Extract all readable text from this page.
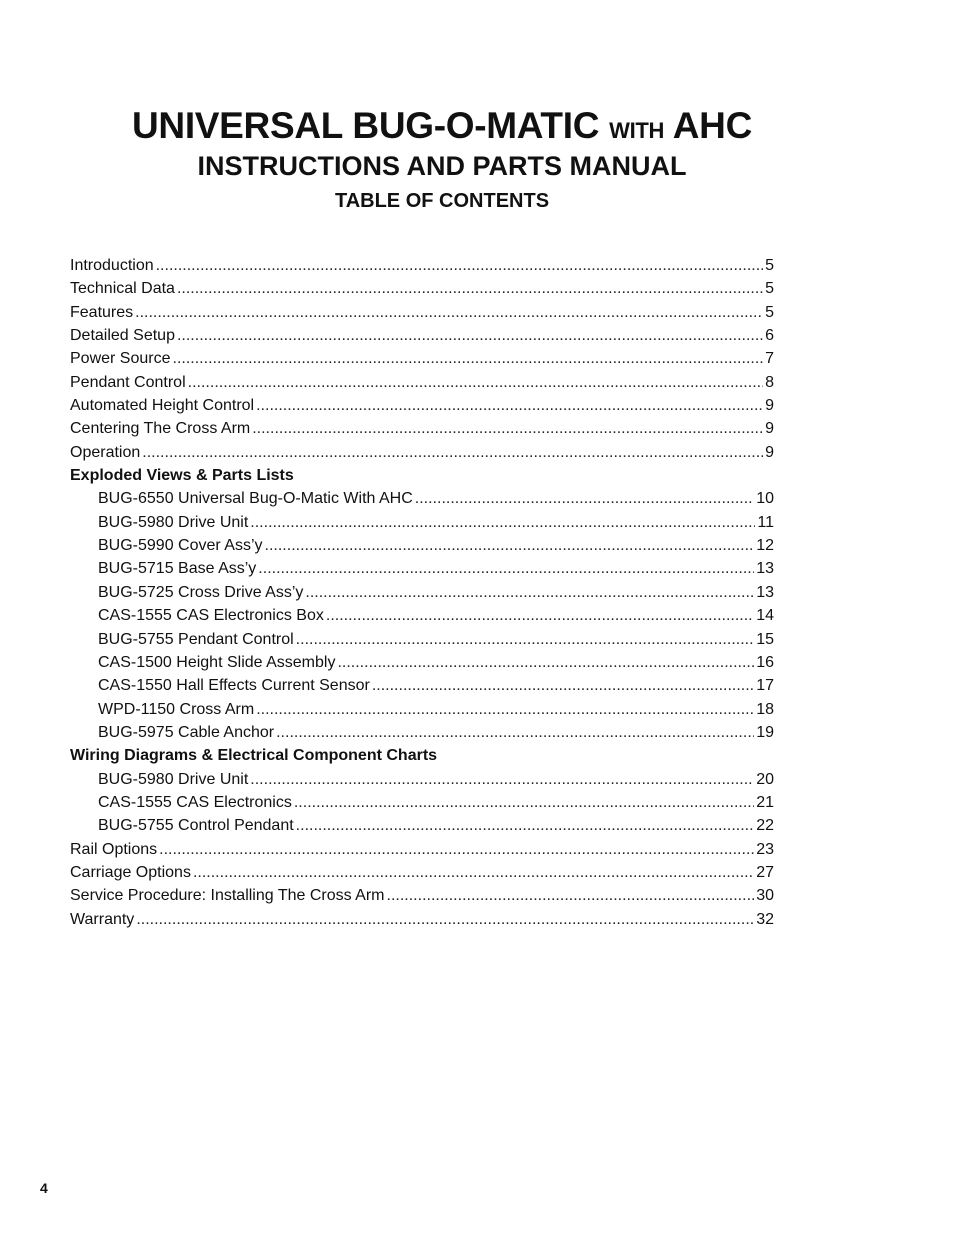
UNIVERSAL BUG-O-MATIC WITH AHC
INSTRUCTIONS AND PARTS MANUAL
TABLE OF CONTENTS
Introduction .....	5
Technical Data .....	5
Features .....	5
Detailed Setup .....	6
Power Source .....	7
Pendant Control .....	8
Automated Height Control .....	9
Centering The Cross Arm .....	9
Operation .....	9
Exploded Views & Parts Lists
BUG-6550 Universal Bug-O-Matic With AHC .....	10
BUG-5980 Drive Unit .....	11
BUG-5990 Cover Ass’y .....	12
BUG-5715 Base Ass’y .....	13
BUG-5725 Cross Drive Ass’y .....	13
CAS-1555 CAS Electronics Box .....	14
BUG-5755 Pendant Control .....	15
CAS-1500 Height Slide Assembly .....	16
CAS-1550 Hall Effects Current Sensor .....	17
WPD-1150 Cross Arm .....	18
BUG-5975 Cable Anchor .....	19
Wiring Diagrams & Electrical Component Charts
BUG-5980 Drive Unit .....	20
CAS-1555 CAS Electronics .....	21
BUG-5755 Control Pendant .....	22
Rail Options .....	23
Carriage Options .....	27
Service Procedure: Installing The Cross Arm .....	30
Warranty .....	32
4
